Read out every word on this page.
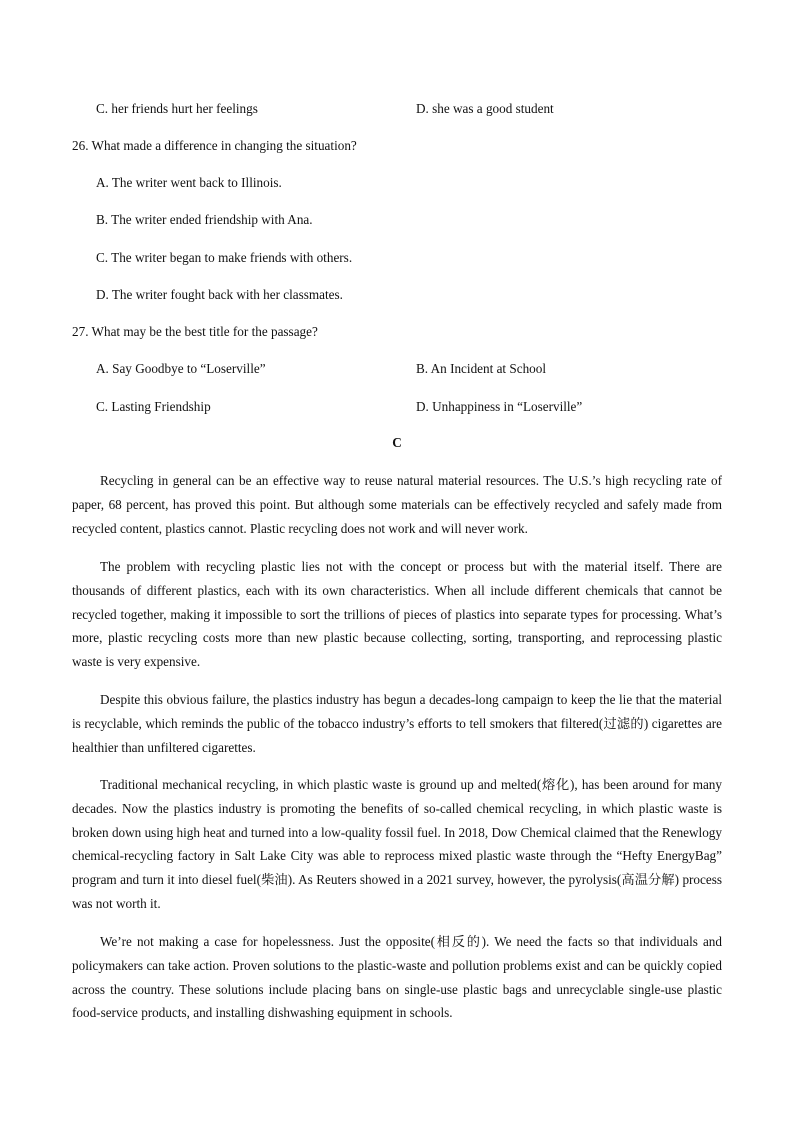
C. her friends hurt her feelings	D. she was a good student
26. What made a difference in changing the situation?
A. The writer went back to Illinois.
B. The writer ended friendship with Ana.
C. The writer began to make friends with others.
D. The writer fought back with her classmates.
27. What may be the best title for the passage?
A. Say Goodbye to “Loserville”	B. An Incident at School
C. Lasting Friendship	D. Unhappiness in “Loserville”
C

Recycling in general can be an effective way to reuse natural material resources. The U.S.’s high recycling rate of paper, 68 percent, has proved this point. But although some materials can be effectively recycled and safely made from recycled content, plastics cannot. Plastic recycling does not work and will never work.

The problem with recycling plastic lies not with the concept or process but with the material itself. There are thousands of different plastics, each with its own characteristics. When all include different chemicals that cannot be recycled together, making it impossible to sort the trillions of pieces of plastics into separate types for processing. What’s more, plastic recycling costs more than new plastic because collecting, sorting, transporting, and reprocessing plastic waste is very expensive.

Despite this obvious failure, the plastics industry has begun a decades-long campaign to keep the lie that the material is recyclable, which reminds the public of the tobacco industry’s efforts to tell smokers that filtered(过滤的) cigarettes are healthier than unfiltered cigarettes.

Traditional mechanical recycling, in which plastic waste is ground up and melted(熔化), has been around for many decades. Now the plastics industry is promoting the benefits of so-called chemical recycling, in which plastic waste is broken down using high heat and turned into a low-quality fossil fuel. In 2018, Dow Chemical claimed that the Renewlogy chemical-recycling factory in Salt Lake City was able to reprocess mixed plastic waste through the “Hefty EnergyBag” program and turn it into diesel fuel(柴油). As Reuters showed in a 2021 survey, however, the pyrolysis(高温分解) process was not worth it.

We’re not making a case for hopelessness. Just the opposite(相反的). We need the facts so that individuals and policymakers can take action. Proven solutions to the plastic-waste and pollution problems exist and can be quickly copied across the country. These solutions include placing bans on single-use plastic bags and unrecyclable single-use plastic food-service products, and installing dishwashing equipment in schools.
